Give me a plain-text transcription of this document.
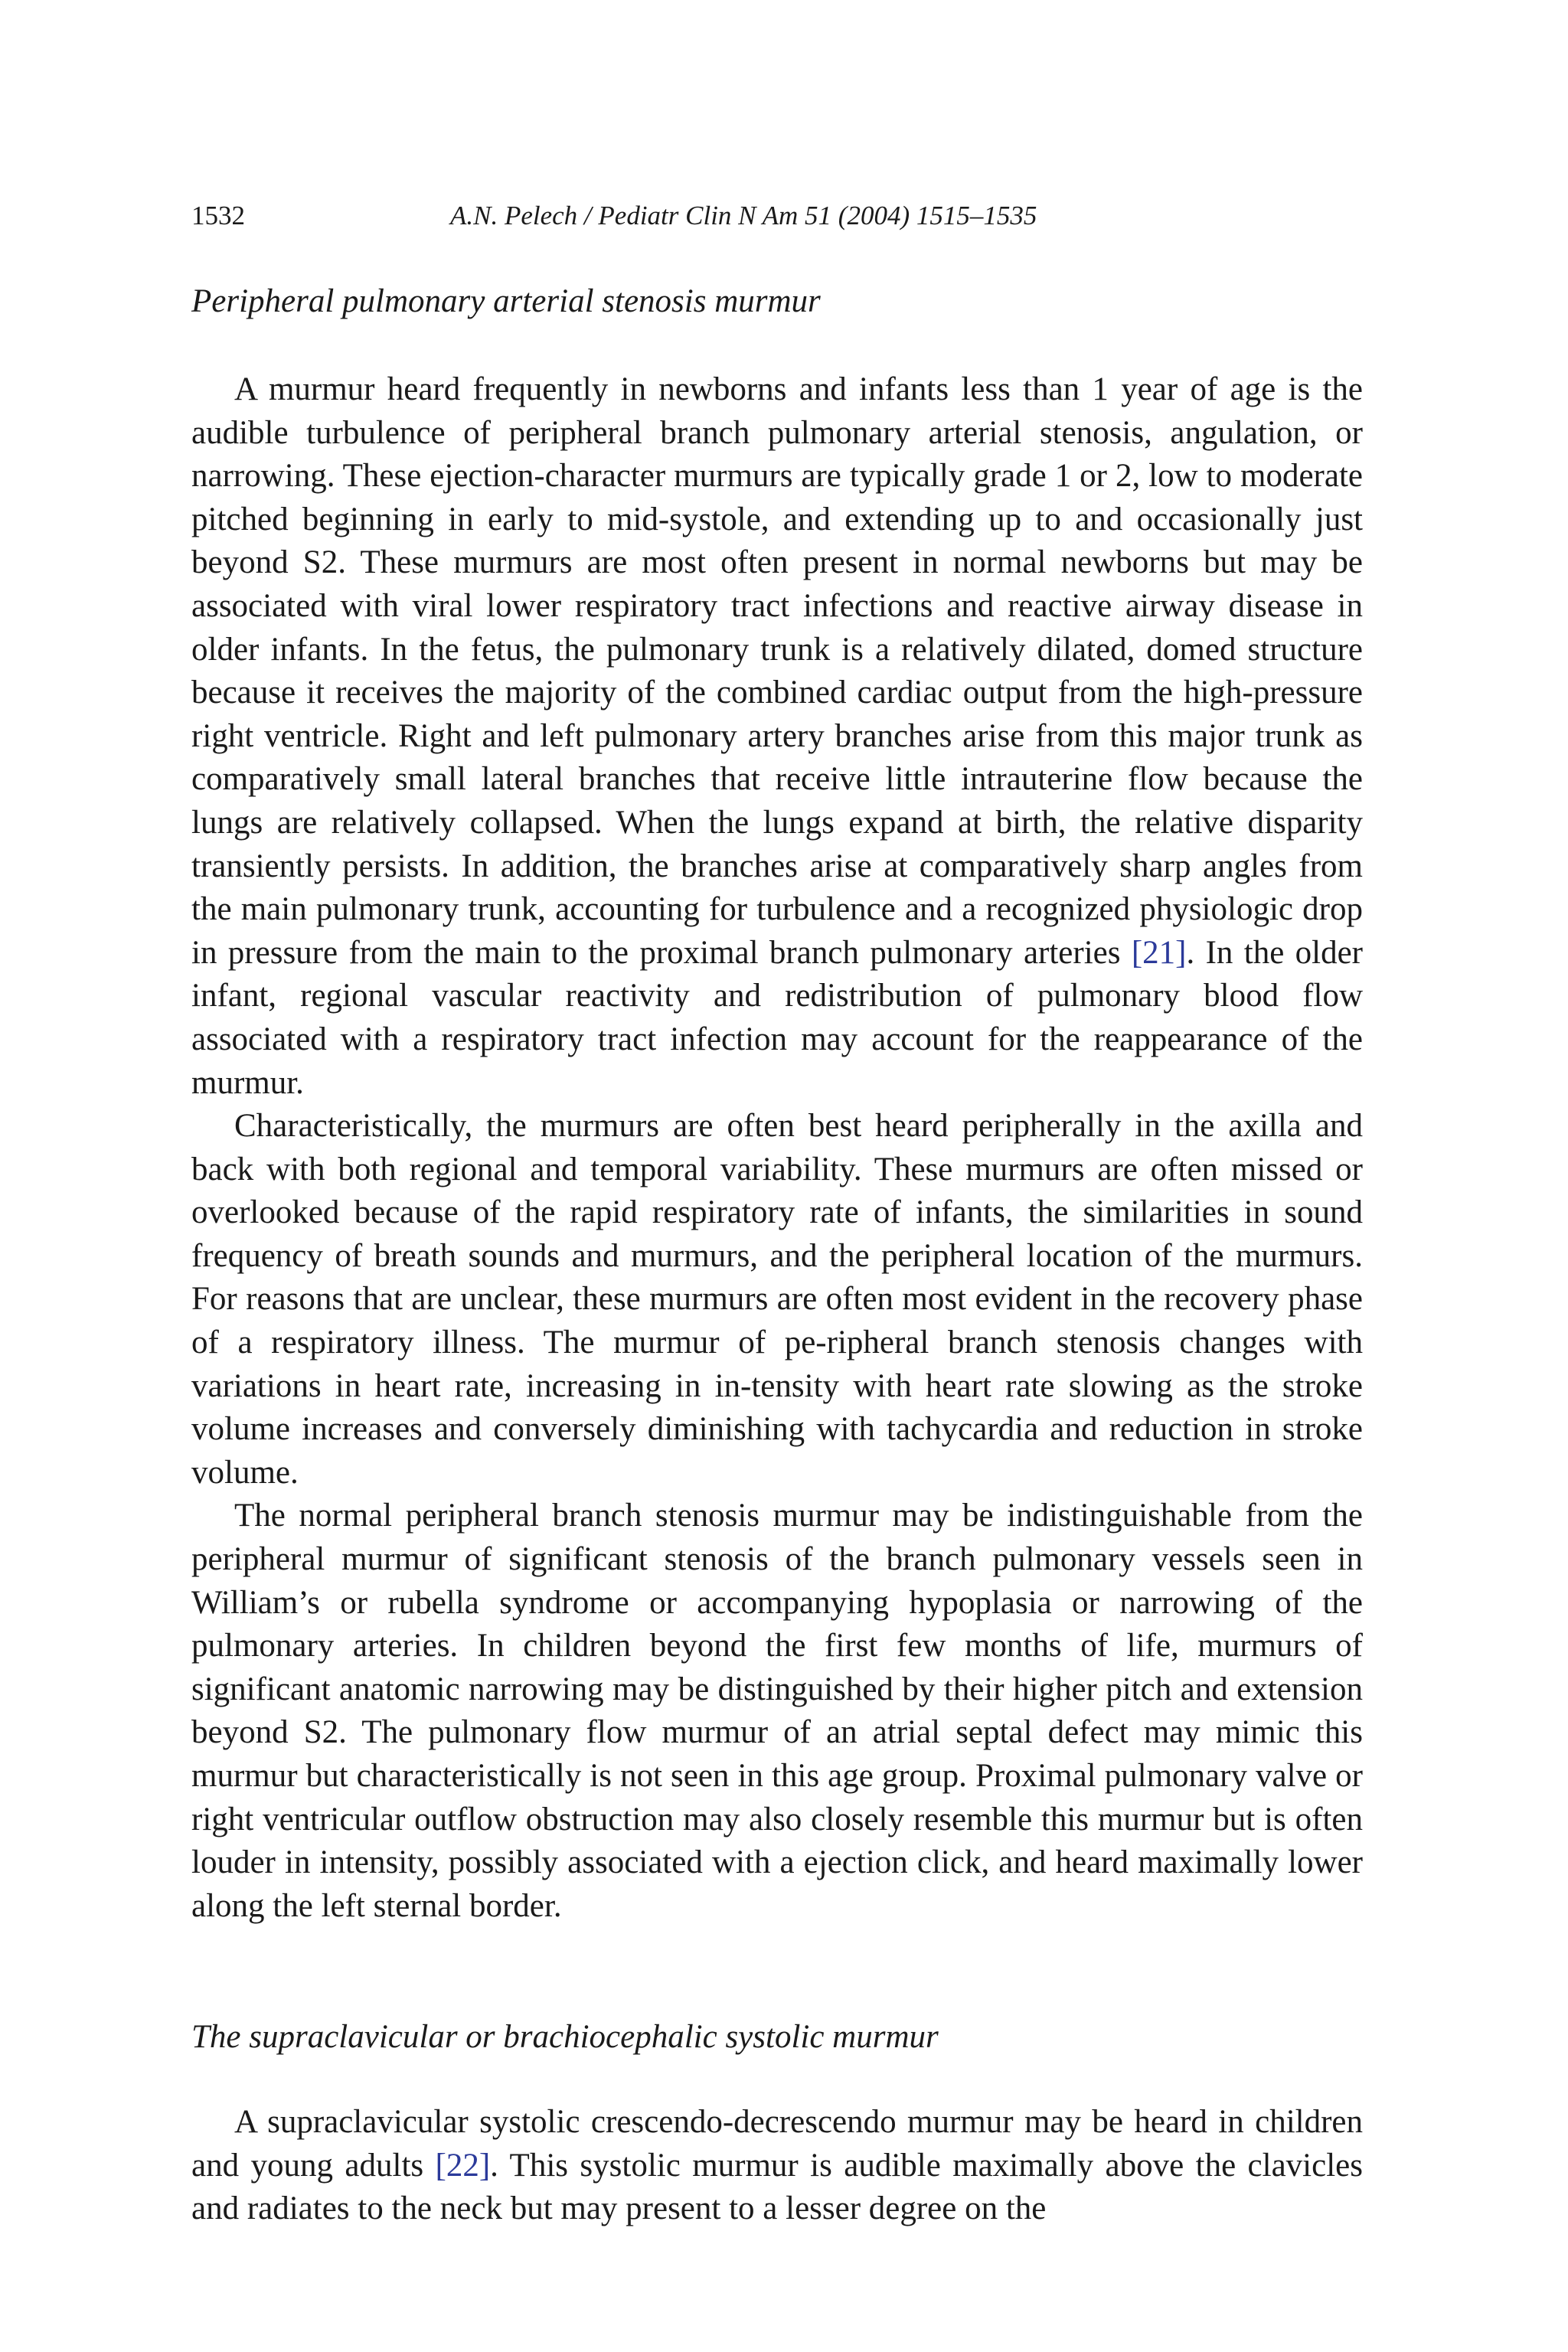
1532	A.N. Pelech / Pediatr Clin N Am 51 (2004) 1515–1535
Peripheral pulmonary arterial stenosis murmur

A murmur heard frequently in newborns and infants less than 1 year of age is the audible turbulence of peripheral branch pulmonary arterial stenosis, angulation, or narrowing. These ejection-character murmurs are typically grade 1 or 2, low to moderate pitched beginning in early to mid-systole, and extending up to and occasionally just beyond S2. These murmurs are most often present in normal newborns but may be associated with viral lower respiratory tract infections and reactive airway disease in older infants. In the fetus, the pulmonary trunk is a relatively dilated, domed structure because it receives the majority of the combined cardiac output from the high-pressure right ventricle. Right and left pulmonary artery branches arise from this major trunk as comparatively small lateral branches that receive little intrauterine flow because the lungs are relatively collapsed. When the lungs expand at birth, the relative disparity transiently persists. In addition, the branches arise at comparatively sharp angles from the main pulmonary trunk, accounting for turbulence and a recognized physiologic drop in pressure from the main to the proximal branch pulmonary arteries [21]. In the older infant, regional vascular reactivity and redistribution of pulmonary blood flow associated with a respiratory tract infection may account for the reappearance of the murmur.

Characteristically, the murmurs are often best heard peripherally in the axilla and back with both regional and temporal variability. These murmurs are often missed or overlooked because of the rapid respiratory rate of infants, the similarities in sound frequency of breath sounds and murmurs, and the peripheral location of the murmurs. For reasons that are unclear, these murmurs are often most evident in the recovery phase of a respiratory illness. The murmur of pe-ripheral branch stenosis changes with variations in heart rate, increasing in in-tensity with heart rate slowing as the stroke volume increases and conversely diminishing with tachycardia and reduction in stroke volume.

The normal peripheral branch stenosis murmur may be indistinguishable from the peripheral murmur of significant stenosis of the branch pulmonary vessels seen in William’s or rubella syndrome or accompanying hypoplasia or narrowing of the pulmonary arteries. In children beyond the first few months of life, murmurs of significant anatomic narrowing may be distinguished by their higher pitch and extension beyond S2. The pulmonary flow murmur of an atrial septal defect may mimic this murmur but characteristically is not seen in this age group. Proximal pulmonary valve or right ventricular outflow obstruction may also closely resemble this murmur but is often louder in intensity, possibly associated with a ejection click, and heard maximally lower along the left sternal border.

The supraclavicular or brachiocephalic systolic murmur

A supraclavicular systolic crescendo-decrescendo murmur may be heard in children and young adults [22]. This systolic murmur is audible maximally above the clavicles and radiates to the neck but may present to a lesser degree on the
